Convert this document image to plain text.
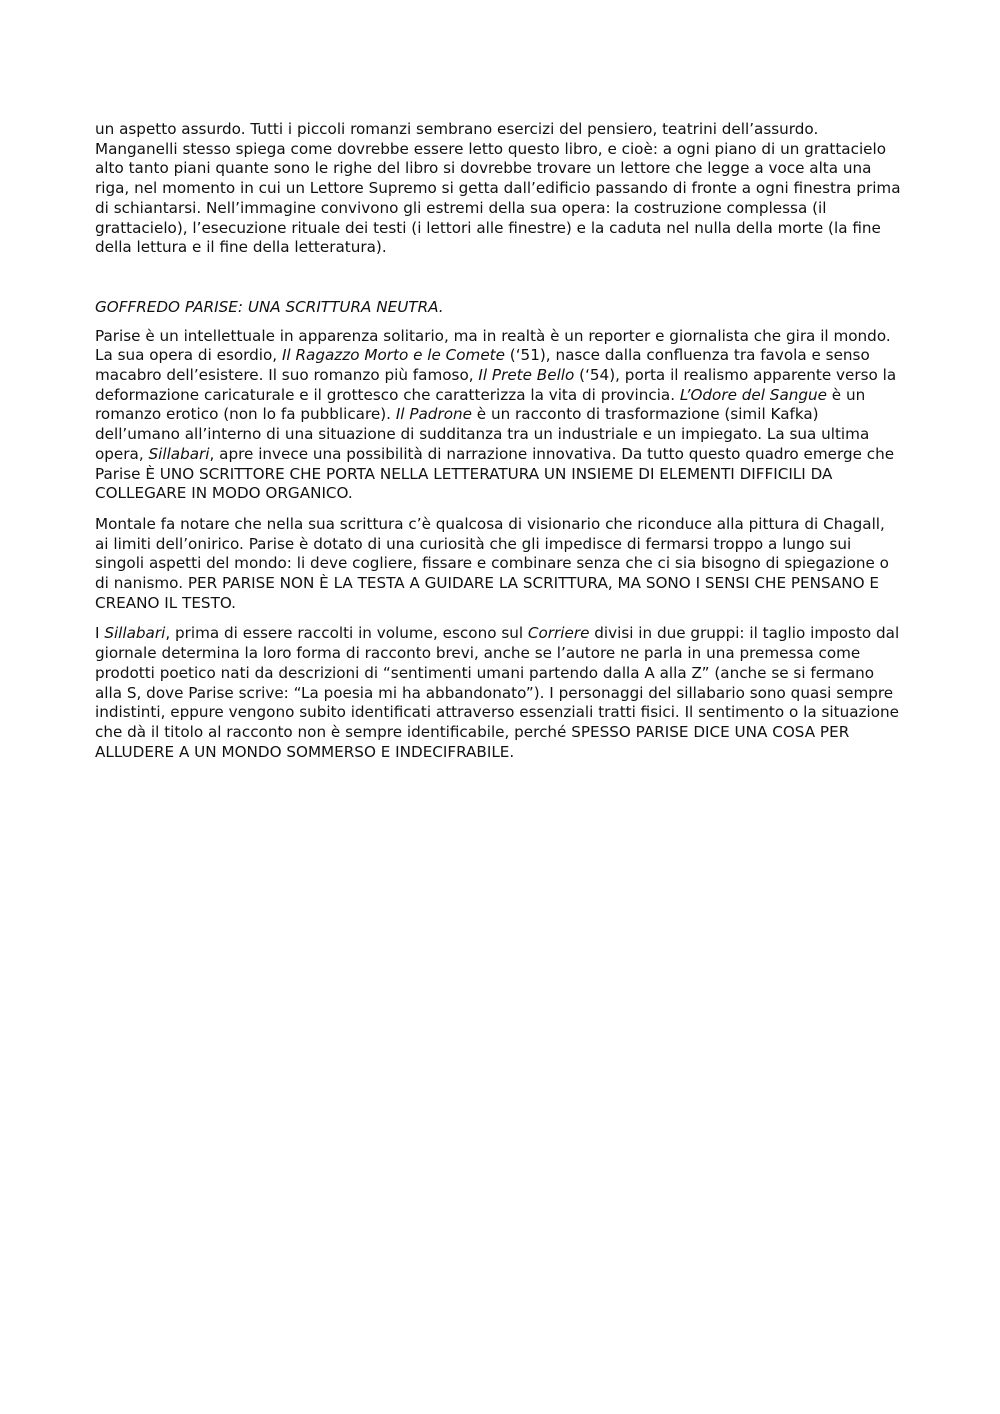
un aspetto assurdo. Tutti i piccoli romanzi sembrano esercizi del pensiero, teatrini dell’assurdo. Manganelli stesso spiega come dovrebbe essere letto questo libro, e cioè: a ogni piano di un grattacielo alto tanto piani quante sono le righe del libro si dovrebbe trovare un lettore che legge a voce alta una riga, nel momento in cui un Lettore Supremo si getta dall’edificio passando di fronte a ogni finestra prima di schiantarsi. Nell’immagine convivono gli estremi della sua opera: la costruzione complessa (il grattacielo), l’esecuzione rituale dei testi (i lettori alle finestre) e la caduta nel nulla della morte (la fine della lettura e il fine della letteratura).

GOFFREDO PARISE: UNA SCRITTURA NEUTRA.

Parise è un intellettuale in apparenza solitario, ma in realtà è un reporter e giornalista che gira il mondo. La sua opera di esordio, Il Ragazzo Morto e le Comete (‘51), nasce dalla confluenza tra favola e senso macabro dell’esistere. Il suo romanzo più famoso, Il Prete Bello (‘54), porta il realismo apparente verso la deformazione caricaturale e il grottesco che caratterizza la vita di provincia. L’Odore del Sangue è un romanzo erotico (non lo fa pubblicare). Il Padrone è un racconto di trasformazione (simil Kafka) dell’umano all’interno di una situazione di sudditanza tra un industriale e un impiegato. La sua ultima opera, Sillabari, apre invece una possibilità di narrazione innovativa. Da tutto questo quadro emerge che Parise È UNO SCRITTORE CHE PORTA NELLA LETTERATURA UN INSIEME DI ELEMENTI DIFFICILI DA COLLEGARE IN MODO ORGANICO.

Montale fa notare che nella sua scrittura c’è qualcosa di visionario che riconduce alla pittura di Chagall, ai limiti dell’onirico. Parise è dotato di una curiosità che gli impedisce di fermarsi troppo a lungo sui singoli aspetti del mondo: li deve cogliere, fissare e combinare senza che ci sia bisogno di spiegazione o di nanismo. PER PARISE NON È LA TESTA A GUIDARE LA SCRITTURA, MA SONO I SENSI CHE PENSANO E CREANO IL TESTO.

I Sillabari, prima di essere raccolti in volume, escono sul Corriere divisi in due gruppi: il taglio imposto dal giornale determina la loro forma di racconto brevi, anche se l’autore ne parla in una premessa come prodotti poetico nati da descrizioni di “sentimenti umani partendo dalla A alla Z” (anche se si fermano alla S, dove Parise scrive: “La poesia mi ha abbandonato”). I personaggi del sillabario sono quasi sempre indistinti, eppure vengono subito identificati attraverso essenziali tratti fisici. Il sentimento o la situazione che dà il titolo al racconto non è sempre identificabile, perché SPESSO PARISE DICE UNA COSA PER ALLUDERE A UN MONDO SOMMERSO E INDECIFRABILE.
